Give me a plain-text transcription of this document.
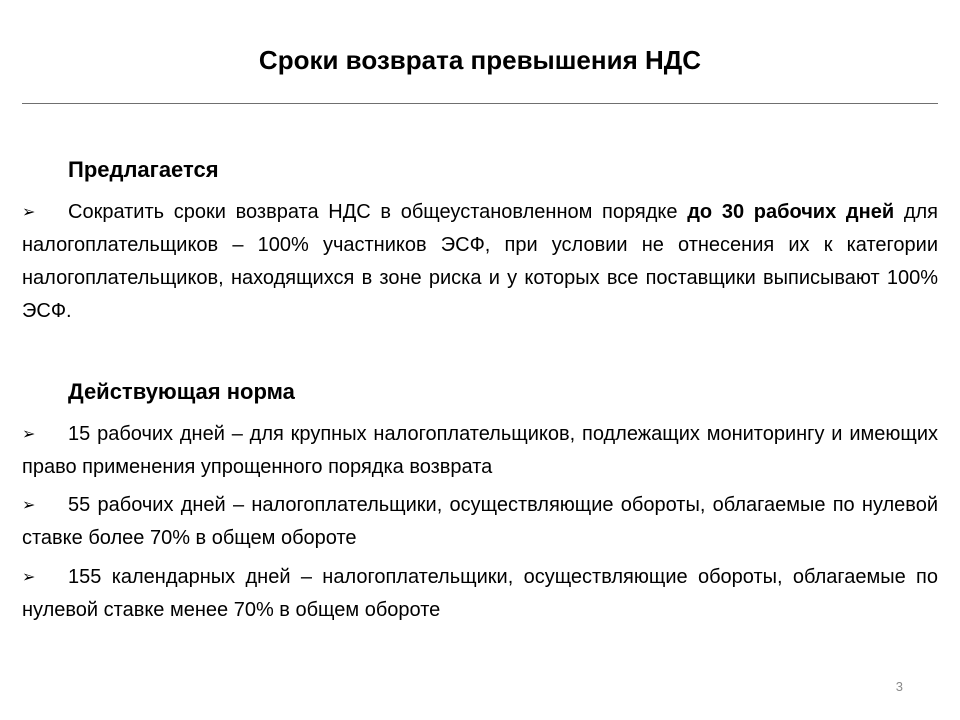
Сроки возврата превышения НДС
Предлагается
➢ Сократить сроки возврата НДС в общеустановленном порядке до 30 рабочих дней для налогоплательщиков – 100% участников ЭСФ, при условии не отнесения их к категории налогоплательщиков, находящихся в зоне риска и у которых все поставщики выписывают 100% ЭСФ.
Действующая норма
➢ 15 рабочих дней – для крупных налогоплательщиков, подлежащих мониторингу и имеющих право применения упрощенного порядка возврата
➢ 55 рабочих дней – налогоплательщики, осуществляющие обороты, облагаемые по нулевой ставке более 70% в общем обороте
➢ 155 календарных дней – налогоплательщики, осуществляющие обороты, облагаемые по нулевой ставке менее 70% в общем обороте
3
